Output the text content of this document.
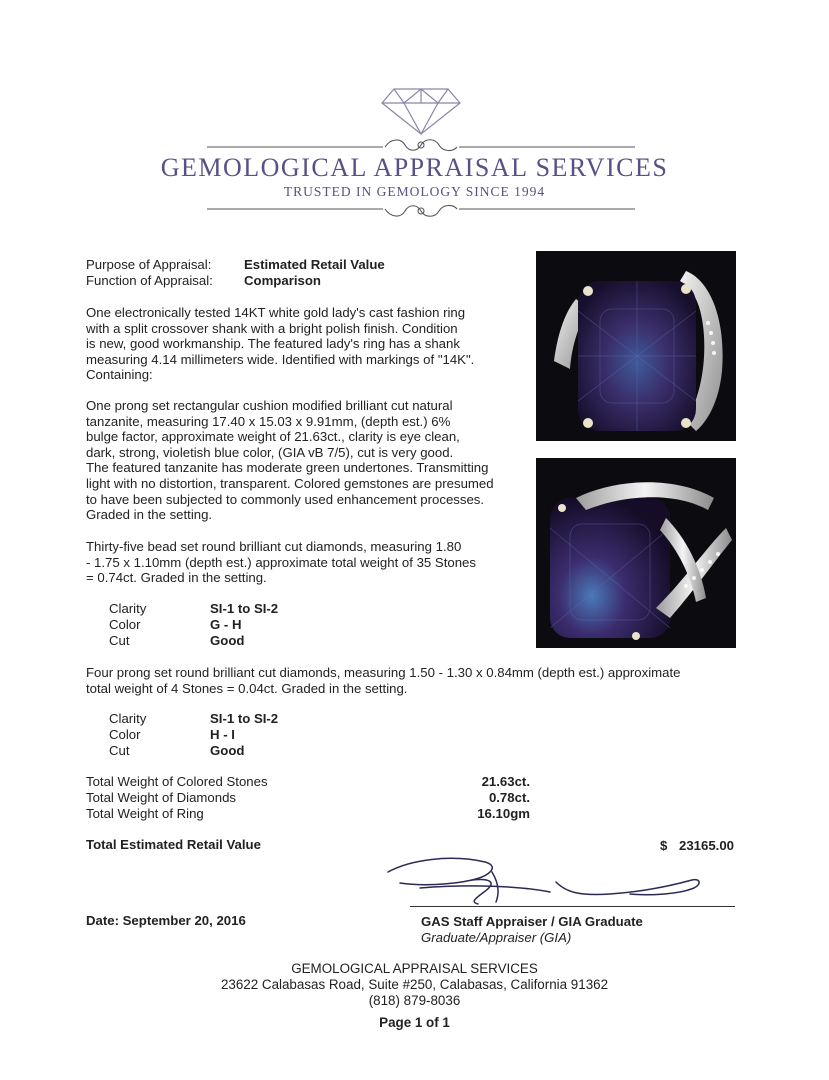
GEMOLOGICAL APPRAISAL SERVICES
TRUSTED IN GEMOLOGY SINCE 1994
Purpose of Appraisal: Estimated Retail Value
Function of Appraisal: Comparison
One electronically tested 14KT white gold lady's cast fashion ring
with a split crossover shank with a bright polish finish. Condition
is new, good workmanship. The featured lady's ring has a shank
measuring 4.14 millimeters wide. Identified with markings of "14K".
Containing:
One prong set rectangular cushion modified brilliant cut natural
tanzanite, measuring 17.40 x 15.03 x 9.91mm, (depth est.) 6%
bulge factor, approximate weight of 21.63ct., clarity is eye clean,
dark, strong, violetish blue color, (GIA vB 7/5), cut is very good.
The featured tanzanite has moderate green undertones. Transmitting
light with no distortion, transparent. Colored gemstones are presumed
to have been subjected to commonly used enhancement processes.
Graded in the setting.
Thirty-five bead set round brilliant cut diamonds, measuring 1.80
- 1.75 x 1.10mm (depth est.) approximate total weight of 35 Stones
= 0.74ct. Graded in the setting.
Clarity	SI-1 to SI-2
Color	G - H
Cut	Good
Four prong set round brilliant cut diamonds, measuring 1.50 - 1.30 x 0.84mm (depth est.) approximate
total weight of 4 Stones = 0.04ct. Graded in the setting.
Clarity	SI-1 to SI-2
Color	H - I
Cut	Good
Total Weight of Colored Stones	21.63ct.
Total Weight of Diamonds	0.78ct.
Total Weight of Ring	16.10gm
Total Estimated Retail Value	$ 23165.00
Date: September 20, 2016	GAS Staff Appraiser / GIA Graduate
Graduate/Appraiser (GIA)
GEMOLOGICAL APPRAISAL SERVICES
23622 Calabasas Road, Suite #250, Calabasas, California 91362
(818) 879-8036
Page 1 of 1
